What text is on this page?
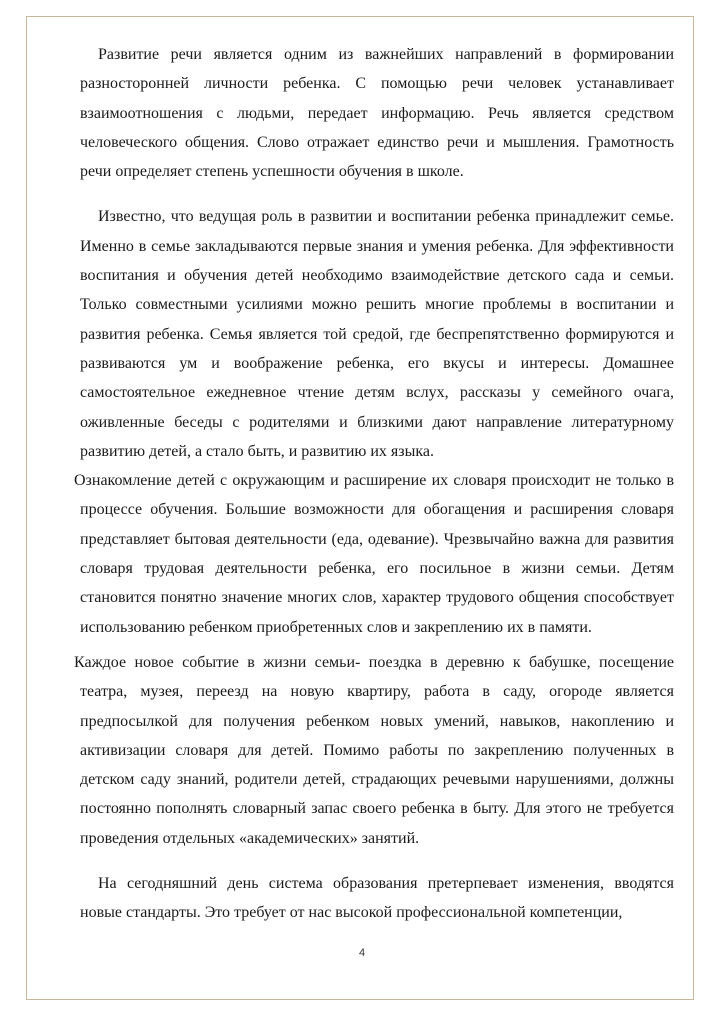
Развитие речи является одним из важнейших направлений в формировании разносторонней личности ребенка. С помощью речи человек устанавливает взаимоотношения с людьми, передает информацию. Речь является средством человеческого общения. Слово отражает единство речи и мышления. Грамотность речи определяет степень успешности обучения в школе.

Известно, что ведущая роль в развитии и воспитании ребенка принадлежит семье. Именно в семье закладываются первые знания и умения ребенка. Для эффективности воспитания и обучения детей необходимо взаимодействие детского сада и семьи. Только совместными усилиями можно решить многие проблемы в воспитании и развития ребенка. Семья является той средой, где беспрепятственно формируются и развиваются ум и воображение ребенка, его вкусы и интересы. Домашнее самостоятельное ежедневное чтение детям вслух, рассказы у семейного очага, оживленные беседы с родителями и близкими дают направление литературному развитию детей, а стало быть, и развитию их языка.

Ознакомление детей с окружающим и расширение их словаря происходит не только в процессе обучения. Большие возможности для обогащения и расширения словаря представляет бытовая деятельности (еда, одевание). Чрезвычайно важна для развития словаря трудовая деятельности ребенка, его посильное в жизни семьи. Детям становится понятно значение многих слов, характер трудового общения способствует использованию ребенком приобретенных слов и закреплению их в памяти.

Каждое новое событие в жизни семьи- поездка в деревню к бабушке, посещение театра, музея, переезд на новую квартиру, работа в саду, огороде является предпосылкой для получения ребенком новых умений, навыков, накоплению и активизации словаря для детей. Помимо работы по закреплению полученных в детском саду знаний, родители детей, страдающих речевыми нарушениями, должны постоянно пополнять словарный запас своего ребенка в быту. Для этого не требуется проведения отдельных «академических» занятий.

На сегодняшний день система образования претерпевает изменения, вводятся новые стандарты. Это требует от нас высокой профессиональной компетенции,

4
